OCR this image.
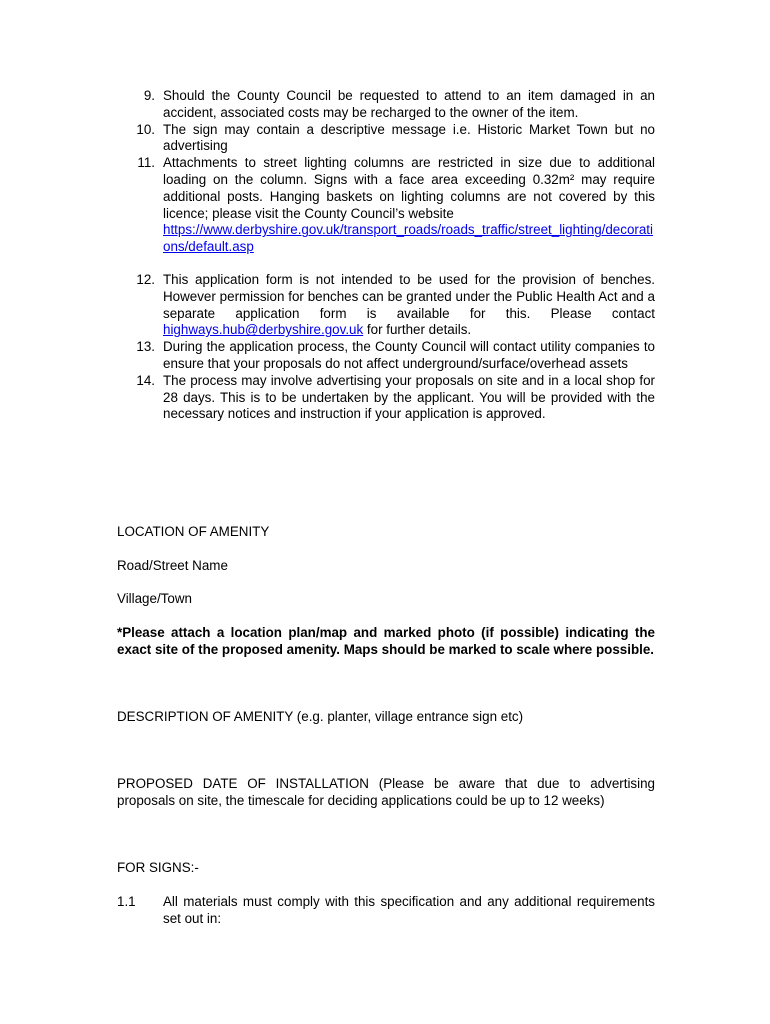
9. Should the County Council be requested to attend to an item damaged in an accident, associated costs may be recharged to the owner of the item.
10. The sign may contain a descriptive message i.e. Historic Market Town but no advertising
11. Attachments to street lighting columns are restricted in size due to additional loading on the column. Signs with a face area exceeding 0.32m² may require additional posts. Hanging baskets on lighting columns are not covered by this licence; please visit the County Council’s website
https://www.derbyshire.gov.uk/transport_roads/roads_traffic/street_lighting/decorations/default.asp
12. This application form is not intended to be used for the provision of benches. However permission for benches can be granted under the Public Health Act and a separate application form is available for this. Please contact highways.hub@derbyshire.gov.uk for further details.
13. During the application process, the County Council will contact utility companies to ensure that your proposals do not affect underground/surface/overhead assets
14. The process may involve advertising your proposals on site and in a local shop for 28 days. This is to be undertaken by the applicant. You will be provided with the necessary notices and instruction if your application is approved.
LOCATION OF AMENITY
Road/Street Name
Village/Town
*Please attach a location plan/map and marked photo (if possible) indicating the exact site of the proposed amenity. Maps should be marked to scale where possible.
DESCRIPTION OF AMENITY (e.g. planter, village entrance sign etc)
PROPOSED DATE OF INSTALLATION (Please be aware that due to advertising proposals on site, the timescale for deciding applications could be up to 12 weeks)
FOR SIGNS:-
1.1	All materials must comply with this specification and any additional requirements set out in:
